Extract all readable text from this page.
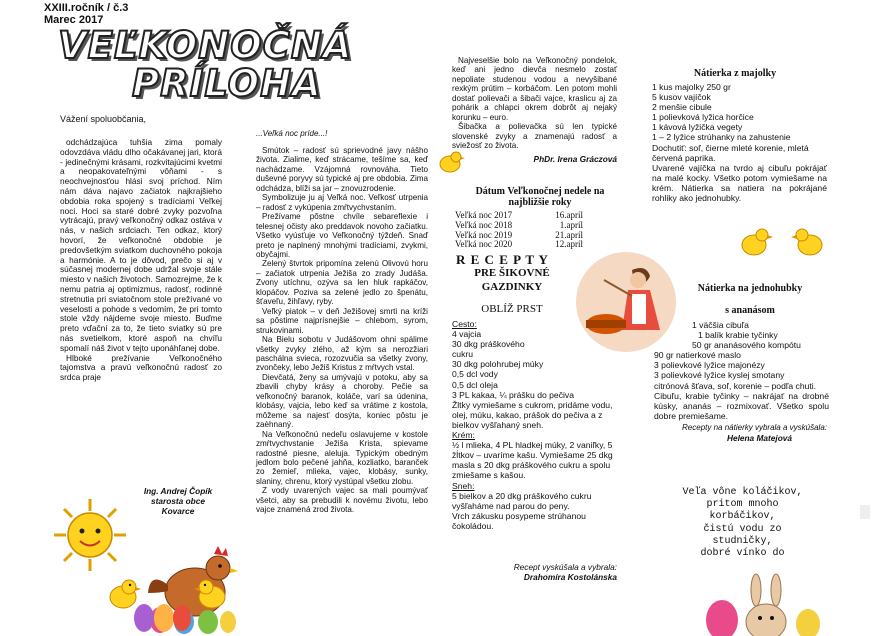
XXIII.ročník / č.3
Marec 2017
VEĽKONOČNÁ
PRÍLOHA
Vážení spoluobčania,

odchádzajúca tuhšia zima pomaly odovzdáva vládu dlho očakávanej jari, ktorá - jedinečnými krásami, rozkvitajúcimi kvetmi a neopakovateľnými vôňami - s neochvejnosťou hlási svoj príchod. Ním nám dáva najavo začiatok najkrajšieho obdobia roka spojený s tradíciami Veľkej noci. Hoci sa staré dobré zvyky pozvoľna vytrácajú, pravý veľkonočný odkaz ostáva v nás, v našich srdciach. Ten odkaz, ktorý hovorí, že veľkonočné obdobie je predovšetkým sviatkom duchovného pokoja a harmónie. A to je dôvod, prečo si aj v súčasnej modernej dobe udržal svoje stále miesto v našich životoch. Samozrejme, že k nemu patria aj optimizmus, radosť, rodinné stretnutia pri sviatočnom stole prežívané vo veselosti a pohode s vedomím, že pri tomto stole vždy nájdeme svoje miesto. Buďme preto vďační za to, že tieto sviatky sú pre nás svetielkom, ktoré aspoň na chvíľu spomalí náš život v tejto uponáhľanej dobe.

Hlboké prežívanie Veľkonočného tajomstva a pravú veľkonočnú radosť zo srdca praje

Ing. Andrej Čopík
starosta obce
Kovarce
...Veľká noc príde...!

Smútok – radosť sú sprievodné javy nášho života. Zialime, keď strácame, tešíme sa, keď nachádzame. Vzájomná rovnováha. Tieto duševné poryvy sú typické aj pre obdobia. Zima odchádza, blíži sa jar – znovuzrodenie.

Symbolizuje ju aj Veľká noc. Veľkosť utrpenia – radosť z vykúpenia zmŕtvychvstaním.

Prežívame pôstne chvíle sebareflexie i telesnej očisty ako preddavok novoho začiatku. Všetko vyúsťuje vo Veľkonočný týždeň. Snaď preto je naplnený mnohými tradíciami, zvykmi, obyčajmi.

Zelený štvrtok pripomína zelenú Olivovú horu – začiatok utrpenia Ježiša zo zrady Judáša. Zvony utíchnu, ozýva sa len hluk rapkáčov, klopáčov. Poziva sa zelené jedlo zo špenátu, šťaveľu, žihľavy, ryby.

Veľký piatok – v deň Ježišovej smrti na kríži sa pôstime najprísnejšie – chlebom, syrom, strukovinami.

Na Bielu sobotu v Judášovom ohni spálime všetky zvyky zlého, až kým sa nerozžiari paschálna svieca, rozozvučia sa všetky zvony, zvončeky, lebo Ježiš Kristus z mŕtvych vstal.

Dievčatá, ženy sa umývajú v potoku, aby sa zbavili chyby krásy a choroby. Pečie sa veľkonočný baranok, koláče, varí sa údenina, klobásy, vajcia, lebo keď sa vrátime z kostola, môžeme sa najesť dosýta, koniec pôstu je zaèhnaný.

Na Veľkonočnú nedeľu oslavujeme v kostole zmŕtvychvstanie Ježiša Krista, spievame radostné piesne, aleluja. Typickým obedným jedlom bolo pečené jahňa, kozliatko, baranček zo žemieľ, mlieka, vajec, klobásy, sunky, slaniny, chrenu, ktorý vystúpal všetku zlobu.

Z vody uvarených vajec sa mali poumývať všetci, aby sa prebudili k novému životu, lebo vajce znamená zrod života.

Najveselšie bolo na Veľkonočný pondelok, keď ani jedno dievča nesmelo zostať nepoliate studenou vodou a nevyšibané rexkým prútim – korbáčom. Len potom mohli dostať polievači a šibači vajce, kraslicu aj za pohárik a chlapci okrem dobrôt aj nejaký korunku – euro.

Šibačka a polievačka sú len typické slovenské zvyky a znamenajú radosť a sviežosť zo života.

PhDr. Irena Gráczová
Dátum Veľkonočnej nedele na najbližšie roky
Veľká noc 2017	16.apríl
Veľká noc 2018	1.apríl
Veľká noc 2019	21.apríl
Veľká noc 2020	12.apríl
R E C E P T Y
PRE ŠIKOVNÉ
GAZDINKY
OBLÍŽ PRST
Cesto:
4 vajcia
30 dkg práškového cukru
30 dkg polohrubej múky
0,5 dcl vody
0,5 dcl oleja
3 PL kakaa, ¼ prášku do pečiva
Žltky vymiešame s cukrom, pridáme vodu, olej, múku, kakao, prášok do pečiva a z bielkov vyšľahaný sneh.
Krém:
½ l mlieka, 4 PL hladkej múky, 2 vaniľky, 5 žĺtkov – uvaríme kašu. Vymiešame 25 dkg masla s 20 dkg práškového cukru a spolu zmiešame s kašou.
Sneh:
5 bielkov a 20 dkg práškového cukru vyšľaháme nad parou do peny.
Vrch zákusku posypeme strúhanou čokoládou.
Recept vyskúšala a vybrala:
Drahomíra Kostolánska
Nátierka z majolky
1 kus majolky 250 gr
5 kusov vajíčok
2 menšie cibule
1 polievková lyžica horčice
1 kávová lyžička vegety
1 – 2 lyžice strúhanky na zahustenie
Dochutiť: soľ, čierne mleté korenie, mletá červená paprika.
Uvarené vajíčka na tvrdo aj cibuľu pokrájať na malé kocky. Všetko potom vymiešame na krém. Nátierka sa natiera na pokrájané rohliky ako jednohubky.
Nátierka na jednohubky
s ananásom
1 väčšia cibuľa
1 balík krabie tyčinky
50 gr ananásového kompótu
90 gr natierkové maslo
3 polievkové lyžice majonézy
3 polievkové lyžice kyslej smotany
citrónová šťava, soľ, korenie – podľa chuti.
Cibuľu, krabie tyčinky – nakrájať na drobné kúsky, ananás – rozmixovať. Všetko spolu dobre premiešame.
Recepty na nátierky vybrala a vyskúšala:
Helena Matejová
Veľa vône koláčikov,
pritom mnoho
korbáčikov,
čistú vodu zo
studničky,
dobré vínko do
